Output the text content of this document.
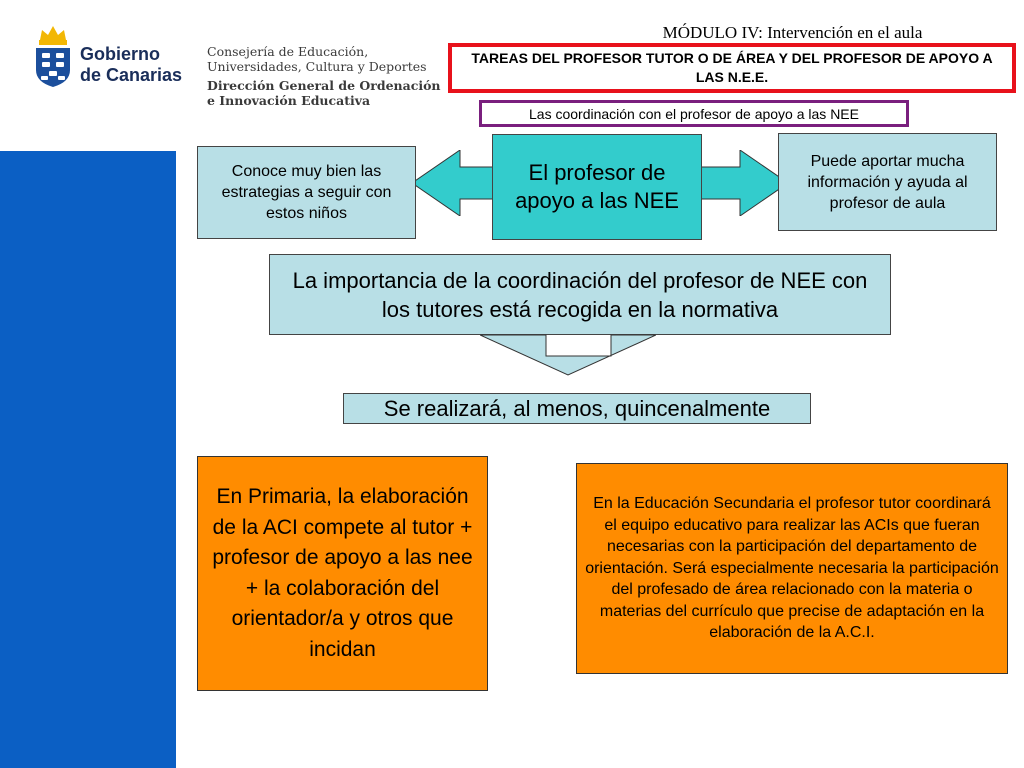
Gobierno
de Canarias
Consejería de Educación,
Universidades, Cultura y Deportes
Dirección General de Ordenación
e Innovación Educativa
MÓDULO IV: Intervención en el aula
TAREAS DEL PROFESOR TUTOR O DE ÁREA Y DEL PROFESOR DE APOYO A LAS N.E.E.
Las coordinación con el profesor de apoyo a las NEE
Conoce muy bien las estrategias a seguir con estos niños
Puede aportar mucha información y ayuda al profesor de aula
El profesor de apoyo a las NEE
La importancia de la coordinación del profesor de NEE con los tutores está recogida en la normativa
Se realizará, al menos, quincenalmente
En Primaria, la elaboración de la ACI compete al tutor + profesor de apoyo a las nee + la colaboración del orientador/a y otros que incidan
En la Educación Secundaria el profesor tutor coordinará el equipo educativo para realizar las ACIs que fueran necesarias con la participación del departamento de orientación. Será especialmente necesaria la participación del profesado de área relacionado con la materia o materias del currículo que precise de adaptación en la elaboración de la A.C.I.
